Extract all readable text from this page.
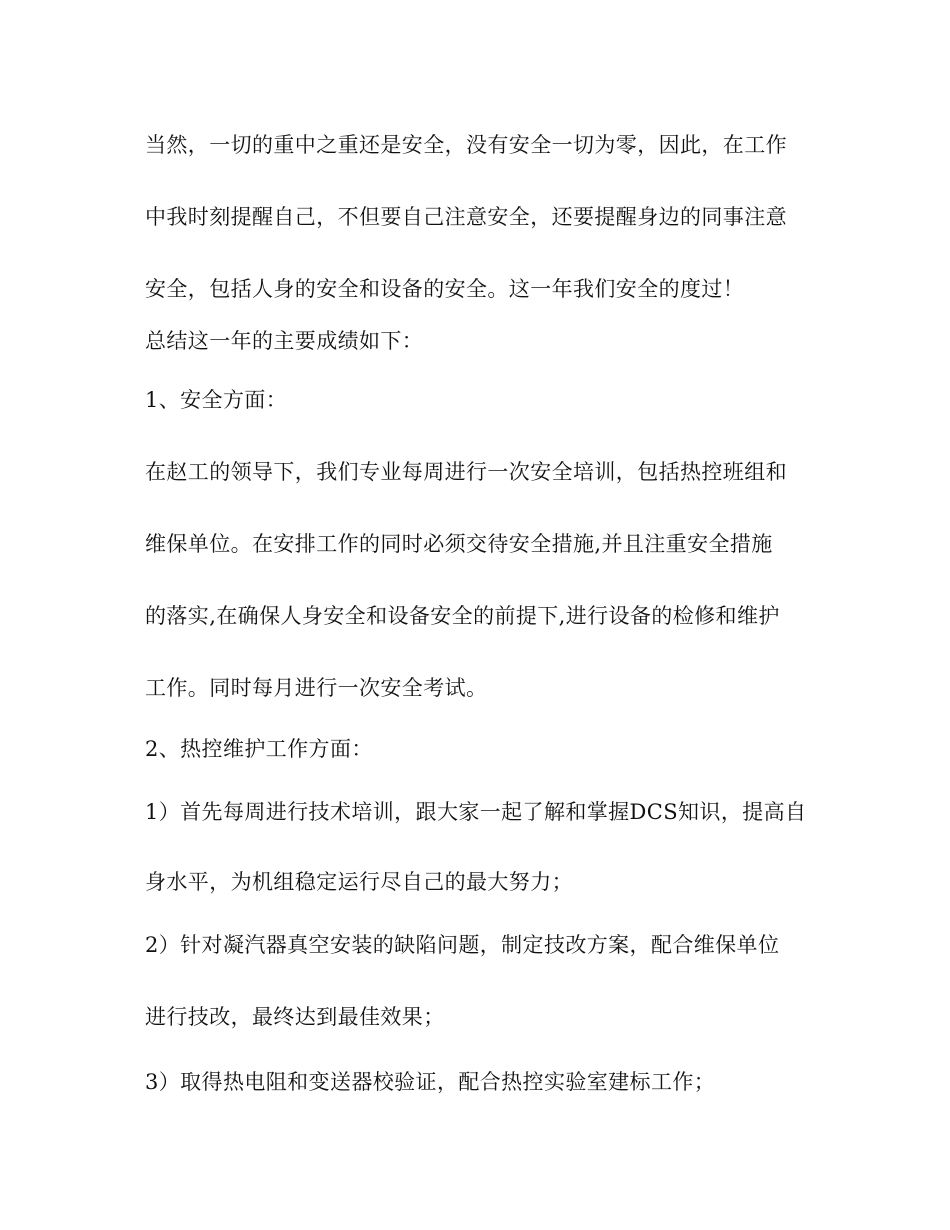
当然，一切的重中之重还是安全，没有安全一切为零，因此，在工作
中我时刻提醒自己，不但要自己注意安全，还要提醒身边的同事注意
安全，包括人身的安全和设备的安全。这一年我们安全的度过！
总结这一年的主要成绩如下：
1、安全方面：
在赵工的领导下，我们专业每周进行一次安全培训，包括热控班组和
维保单位。在安排工作的同时必须交待安全措施,并且注重安全措施
的落实,在确保人身安全和设备安全的前提下,进行设备的检修和维护
工作。同时每月进行一次安全考试。
2、热控维护工作方面：
1）首先每周进行技术培训，跟大家一起了解和掌握DCS知识，提高自
身水平，为机组稳定运行尽自己的最大努力；
2）针对凝汽器真空安装的缺陷问题，制定技改方案，配合维保单位
进行技改，最终达到最佳效果；
3）取得热电阻和变送器校验证，配合热控实验室建标工作；
